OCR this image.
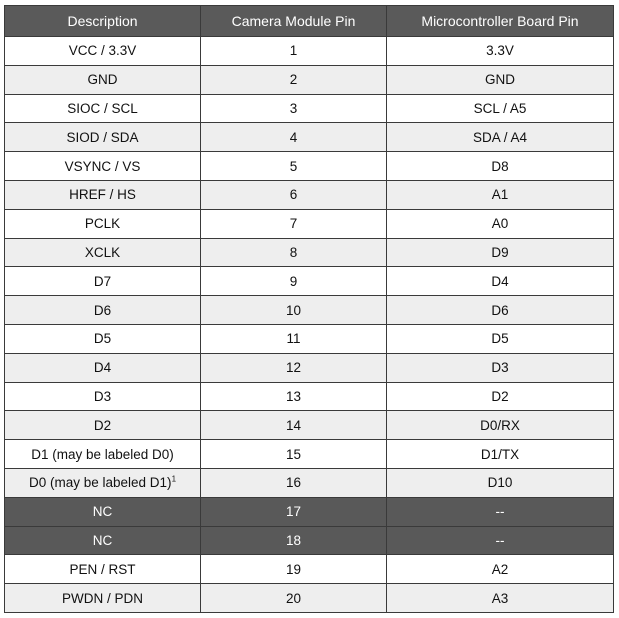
Description	Camera Module Pin	Microcontroller Board Pin
VCC / 3.3V	1	3.3V
GND	2	GND
SIOC / SCL	3	SCL / A5
SIOD / SDA	4	SDA / A4
VSYNC / VS	5	D8
HREF / HS	6	A1
PCLK	7	A0
XCLK	8	D9
D7	9	D4
D6	10	D6
D5	11	D5
D4	12	D3
D3	13	D2
D2	14	D0/RX
D1 (may be labeled D0)	15	D1/TX
D0 (may be labeled D1)$^1$	16	D10
NC	17	--
NC	18	--
PEN / RST	19	A2
PWDN / PDN	20	A3
